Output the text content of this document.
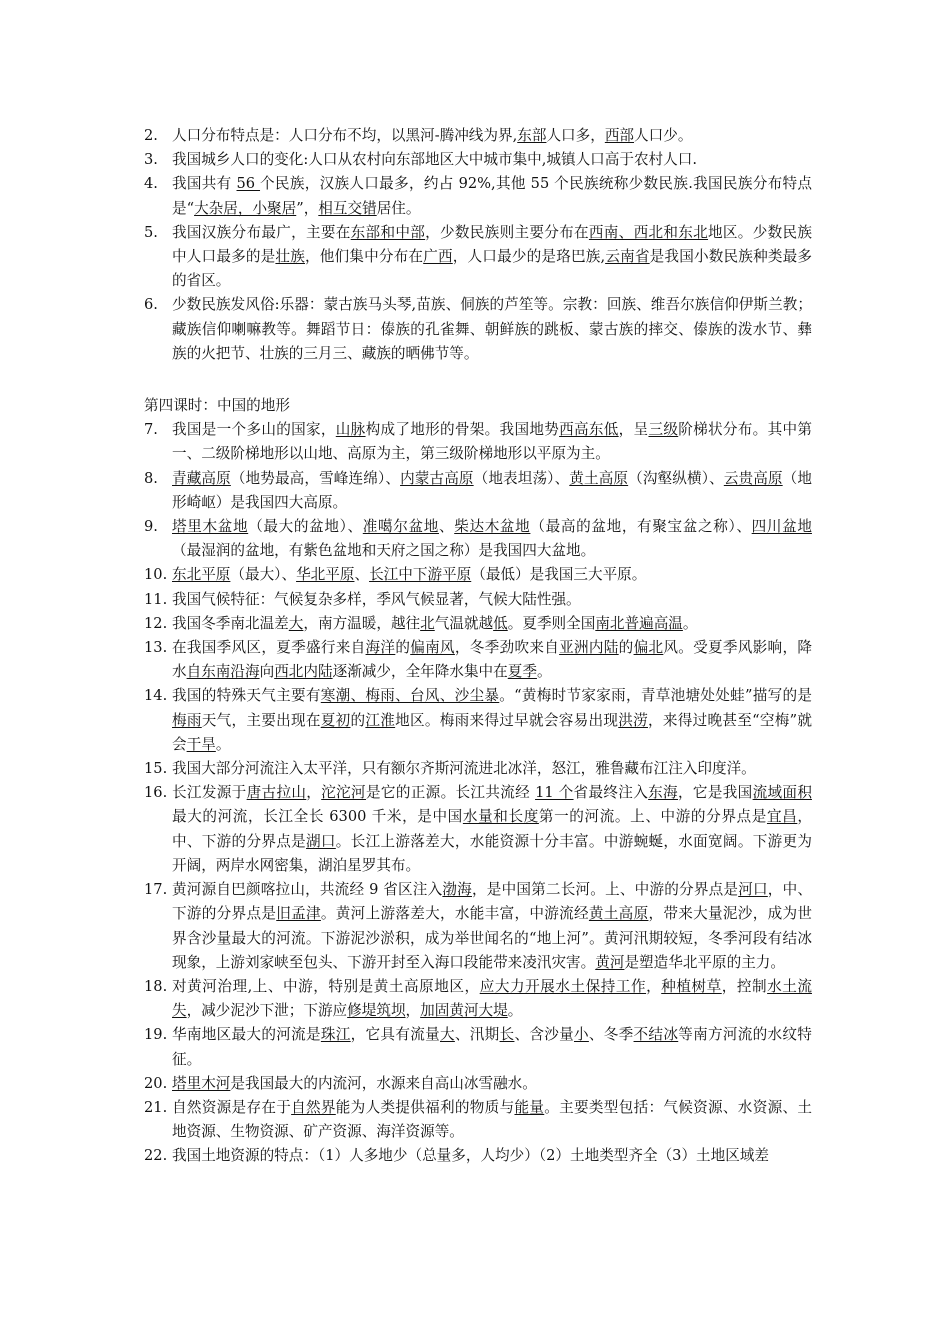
2. 人口分布特点是：人口分布不均，以黑河-腾冲线为界,东部人口多，西部人口少。
3. 我国城乡人口的变化:人口从农村向东部地区大中城市集中,城镇人口高于农村人口.
4. 我国共有 56 个民族，汉族人口最多，约占 92%,其他 55 个民族统称少数民族.我国民族分布特点是“大杂居，小聚居”，相互交错居住。
5. 我国汉族分布最广，主要在东部和中部，少数民族则主要分布在西南、西北和东北地区。少数民族中人口最多的是壮族，他们集中分布在广西，人口最少的是珞巴族,云南省是我国小数民族种类最多的省区。
6. 少数民族发风俗:乐器：蒙古族马头琴,苗族、侗族的芦笙等。宗教：回族、维吾尔族信仰伊斯兰教；藏族信仰喇嘛教等。舞蹈节日：傣族的孔雀舞、朝鲜族的跳板、蒙古族的摔交、傣族的泼水节、彝族的火把节、壮族的三月三、藏族的晒佛节等。
第四课时：中国的地形
7. 我国是一个多山的国家，山脉构成了地形的骨架。我国地势西高东低，呈三级阶梯状分布。其中第一、二级阶梯地形以山地、高原为主，第三级阶梯地形以平原为主。
8. 青藏高原（地势最高，雪峰连绵）、内蒙古高原（地表坦荡）、黄土高原（沟壑纵横）、云贵高原（地形崎岖）是我国四大高原。
9. 塔里木盆地（最大的盆地）、准噶尔盆地、柴达木盆地（最高的盆地，有聚宝盆之称）、四川盆地（最湿润的盆地，有紫色盆地和天府之国之称）是我国四大盆地。
10. 东北平原（最大）、华北平原、长江中下游平原（最低）是我国三大平原。
11. 我国气候特征：气候复杂多样，季风气候显著，气候大陆性强。
12. 我国冬季南北温差大，南方温暖，越往北气温就越低。夏季则全国南北普遍高温。
13. 在我国季风区，夏季盛行来自海洋的偏南风，冬季劲吹来自亚洲内陆的偏北风。受夏季风影响，降水自东南沿海向西北内陆逐渐减少，全年降水集中在夏季。
14. 我国的特殊天气主要有寒潮、梅雨、台风、沙尘暴。“黄梅时节家家雨，青草池塘处处蛙”描写的是梅雨天气，主要出现在夏初的江淮地区。梅雨来得过早就会容易出现洪涝，来得过晚甚至“空梅”就会干旱。
15. 我国大部分河流注入太平洋，只有额尔齐斯河流进北冰洋，怒江，雅鲁藏布江注入印度洋。
16. 长江发源于唐古拉山，沱沱河是它的正源。长江共流经 11 个省最终注入东海，它是我国流域面积最大的河流，长江全长 6300 千米，是中国水量和长度第一的河流。上、中游的分界点是宜昌，中、下游的分界点是湖口。长江上游落差大，水能资源十分丰富。中游蜿蜒，水面宽阔。下游更为开阔，两岸水网密集，湖泊星罗其布。
17. 黄河源自巴颜喀拉山，共流经 9 省区注入渤海，是中国第二长河。上、中游的分界点是河口，中、下游的分界点是旧孟津。黄河上游落差大，水能丰富，中游流经黄土高原，带来大量泥沙，成为世界含沙量最大的河流。下游泥沙淤积，成为举世闻名的“地上河”。黄河汛期较短，冬季河段有结冰现象，上游刘家峡至包头、下游开封至入海口段能带来凌汛灾害。黄河是塑造华北平原的主力。
18. 对黄河治理,上、中游，特别是黄土高原地区，应大力开展水土保持工作，种植树草，控制水土流失，减少泥沙下泄；下游应修堤筑坝，加固黄河大堤。
19. 华南地区最大的河流是珠江，它具有流量大、汛期长、含沙量小、冬季不结冰等南方河流的水纹特征。
20. 塔里木河是我国最大的内流河，水源来自高山冰雪融水。
21. 自然资源是存在于自然界能为人类提供福利的物质与能量。主要类型包括：气候资源、水资源、土地资源、生物资源、矿产资源、海洋资源等。
22. 我国土地资源的特点：（1）人多地少（总量多，人均少）（2）土地类型齐全（3）土地区域差
